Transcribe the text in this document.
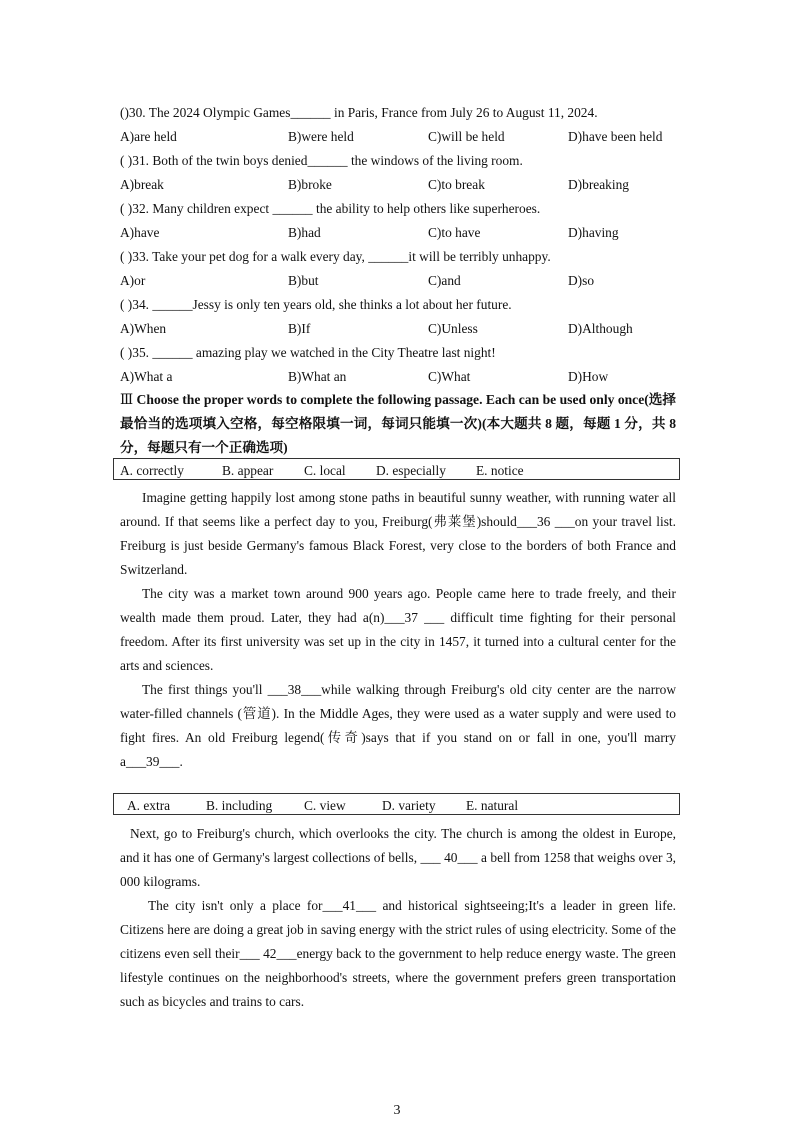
()30. The 2024 Olympic Games______ in Paris, France from July 26 to August 11, 2024.
A)are held	B)were held	C)will be held	D)have been held
( )31. Both of the twin boys denied______ the windows of the living room.
A)break	B)broke	C)to break	D)breaking
( )32. Many children expect ______ the ability to help others like superheroes.
A)have	B)had	C)to have	D)having
( )33. Take your pet dog for a walk every day, ______it will be terribly unhappy.
A)or	B)but	C)and	D)so
( )34. ______Jessy is only ten years old, she thinks a lot about her future.
A)When	B)If	C)Unless	D)Although
( )35. ______ amazing play we watched in the City Theatre last night!
A)What a	B)What an	C)What	D)How
Ⅲ Choose the proper words to complete the following passage. Each can be used only once(选择最恰当的选项填入空格，每空格限填一词，每词只能填一次)(本大题共 8 题，每题 1 分，共 8 分，每题只有一个正确选项)
A. correctly	B. appear C. local D. especially E. notice

Imagine getting happily lost among stone paths in beautiful sunny weather, with running water all around. If that seems like a perfect day to you, Freiburg(弗莱堡)should___36 ___on your travel list. Freiburg is just beside Germany's famous Black Forest, very close to the borders of both France and Switzerland.

The city was a market town around 900 years ago. People came here to trade freely, and their wealth made them proud. Later, they had a(n)___37 ___ difficult time fighting for their personal freedom. After its first university was set up in the city in 1457, it turned into a cultural center for the arts and sciences.

The first things you'll ___38___while walking through Freiburg's old city center are the narrow water-filled channels (管道). In the Middle Ages, they were used as a water supply and were used to fight fires. An old Freiburg legend(传奇)says that if you stand on or fall in one, you'll marry a___39___.

A. extra	B. including C. view	D. variety E. natural

Next, go to Freiburg's church, which overlooks the city. The church is among the oldest in Europe, and it has one of Germany's largest collections of bells, ___ 40___ a bell from 1258 that weighs over 3, 000 kilograms.

The city isn't only a place for___41___ and historical sightseeing;It's a leader in green life. Citizens here are doing a great job in saving energy with the strict rules of using electricity. Some of the citizens even sell their___ 42___energy back to the government to help reduce energy waste. The green lifestyle continues on the neighborhood's streets, where the government prefers green transportation such as bicycles and trains to cars.

3
